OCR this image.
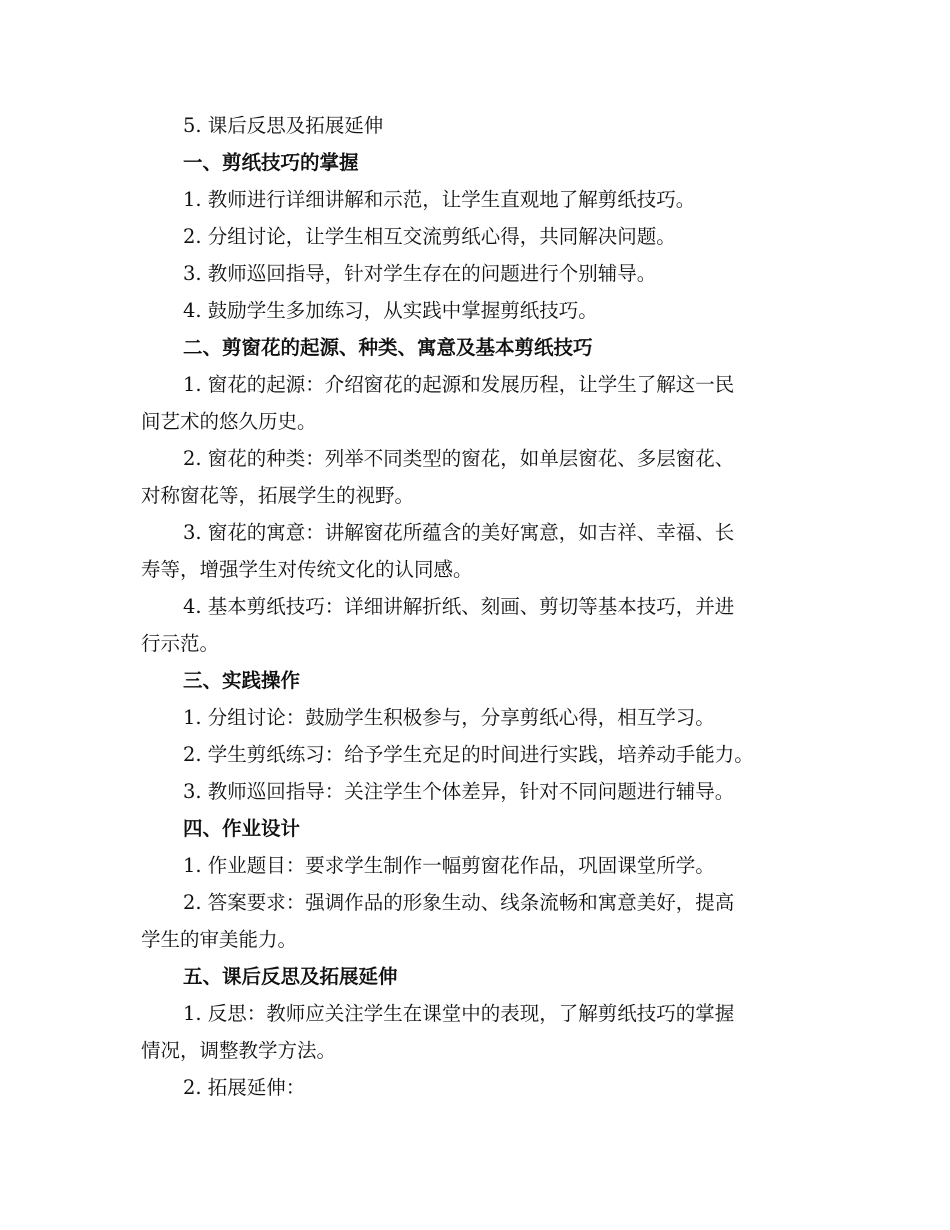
5. 课后反思及拓展延伸
一、剪纸技巧的掌握
1. 教师进行详细讲解和示范，让学生直观地了解剪纸技巧。
2. 分组讨论，让学生相互交流剪纸心得，共同解决问题。
3. 教师巡回指导，针对学生存在的问题进行个别辅导。
4. 鼓励学生多加练习，从实践中掌握剪纸技巧。
二、剪窗花的起源、种类、寓意及基本剪纸技巧
1. 窗花的起源：介绍窗花的起源和发展历程，让学生了解这一民
间艺术的悠久历史。
2. 窗花的种类：列举不同类型的窗花，如单层窗花、多层窗花、
对称窗花等，拓展学生的视野。
3. 窗花的寓意：讲解窗花所蕴含的美好寓意，如吉祥、幸福、长
寿等，增强学生对传统文化的认同感。
4. 基本剪纸技巧：详细讲解折纸、刻画、剪切等基本技巧，并进
行示范。
三、实践操作
1. 分组讨论：鼓励学生积极参与，分享剪纸心得，相互学习。
2. 学生剪纸练习：给予学生充足的时间进行实践，培养动手能力。
3. 教师巡回指导：关注学生个体差异，针对不同问题进行辅导。
四、作业设计
1. 作业题目：要求学生制作一幅剪窗花作品，巩固课堂所学。
2. 答案要求：强调作品的形象生动、线条流畅和寓意美好，提高
学生的审美能力。
五、课后反思及拓展延伸
1. 反思：教师应关注学生在课堂中的表现，了解剪纸技巧的掌握
情况，调整教学方法。
2. 拓展延伸：
